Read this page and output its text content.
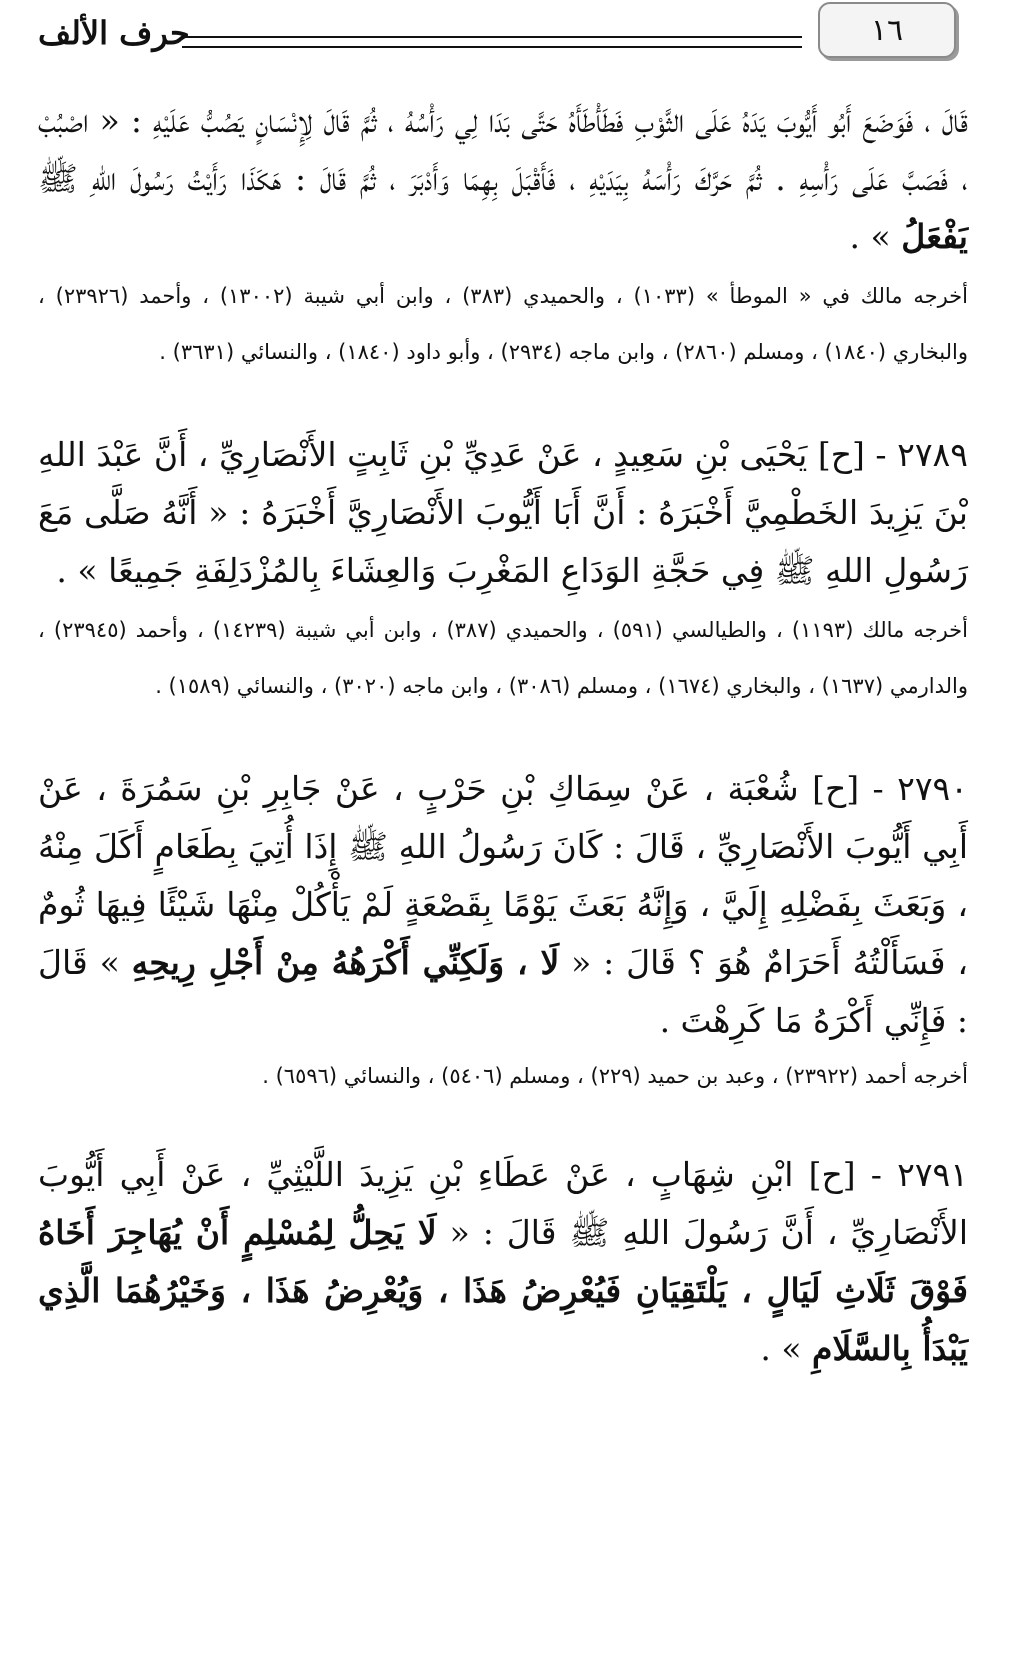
١٦
حرف الألف

قَالَ ، فَوَضَعَ أَبُو أَيُّوبَ يَدَهُ عَلَى الثَّوْبِ فَطَأْطَأَهُ حَتَّى بَدَا لِي رَأْسُهُ ، ثُمَّ قَالَ لِإِنْسَانٍ يَصُبُّ عَلَيْهِ : « اصْبُبْ ، فَصَبَّ عَلَى رَأْسِهِ . ثُمَّ حَرَّكَ رَأْسَهُ بِيَدَيْهِ ، فَأَقْبَلَ بِهِمَا وَأَدْبَرَ ، ثُمَّ قَالَ : هَكَذَا رَأَيْتُ رَسُولَ اللهِ ﷺ يَفْعَلُ » .

أخرجه مالك في « الموطأ » (١٠٣٣) ، والحميدي (٣٨٣) ، وابن أبي شيبة (١٣٠٠٢) ، وأحمد (٢٣٩٢٦) ، والبخاري (١٨٤٠) ، ومسلم (٢٨٦٠) ، وابن ماجه (٢٩٣٤) ، وأبو داود (١٨٤٠) ، والنسائي (٣٦٣١) .

٢٧٨٩ - [ح] يَحْيَى بْنِ سَعِيدٍ ، عَنْ عَدِيِّ بْنِ ثَابِتٍ الأَنْصَارِيِّ ، أَنَّ عَبْدَ اللهِ بْنَ يَزِيدَ الخَطْمِيَّ أَخْبَرَهُ : أَنَّ أَبَا أَيُّوبَ الأَنْصَارِيَّ أَخْبَرَهُ : « أَنَّهُ صَلَّى مَعَ رَسُولِ اللهِ ﷺ فِي حَجَّةِ الوَدَاعِ المَغْرِبَ وَالعِشَاءَ بِالمُزْدَلِفَةِ جَمِيعًا » .

أخرجه مالك (١١٩٣) ، والطيالسي (٥٩١) ، والحميدي (٣٨٧) ، وابن أبي شيبة (١٤٢٣٩) ، وأحمد (٢٣٩٤٥) ، والدارمي (١٦٣٧) ، والبخاري (١٦٧٤) ، ومسلم (٣٠٨٦) ، وابن ماجه (٣٠٢٠) ، والنسائي (١٥٨٩) .

٢٧٩٠ - [ح] شُعْبَة ، عَنْ سِمَاكِ بْنِ حَرْبٍ ، عَنْ جَابِرِ بْنِ سَمُرَةَ ، عَنْ أَبِي أَيُّوبَ الأَنْصَارِيِّ ، قَالَ : كَانَ رَسُولُ اللهِ ﷺ إِذَا أُتِيَ بِطَعَامٍ أَكَلَ مِنْهُ ، وَبَعَثَ بِفَضْلِهِ إِلَيَّ ، وَإِنَّهُ بَعَثَ يَوْمًا بِقَصْعَةٍ لَمْ يَأْكُلْ مِنْهَا شَيْئًا فِيهَا ثُومٌ ، فَسَأَلْتُهُ أَحَرَامٌ هُوَ ؟ قَالَ : « لَا ، وَلَكِنِّي أَكْرَهُهُ مِنْ أَجْلِ رِيحِهِ » قَالَ : فَإِنِّي أَكْرَهُ مَا كَرِهْتَ .

أخرجه أحمد (٢٣٩٢٢) ، وعبد بن حميد (٢٢٩) ، ومسلم (٥٤٠٦) ، والنسائي (٦٥٩٦) .

٢٧٩١ - [ح] ابْنِ شِهَابٍ ، عَنْ عَطَاءِ بْنِ يَزِيدَ اللَّيْثِيِّ ، عَنْ أَبِي أَيُّوبَ الأَنْصَارِيِّ ، أَنَّ رَسُولَ اللهِ ﷺ قَالَ : « لَا يَحِلُّ لِمُسْلِمٍ أَنْ يُهَاجِرَ أَخَاهُ فَوْقَ ثَلَاثِ لَيَالٍ ، يَلْتَقِيَانِ فَيُعْرِضُ هَذَا ، وَيُعْرِضُ هَذَا ، وَخَيْرُهُمَا الَّذِي يَبْدَأُ بِالسَّلَامِ » .
